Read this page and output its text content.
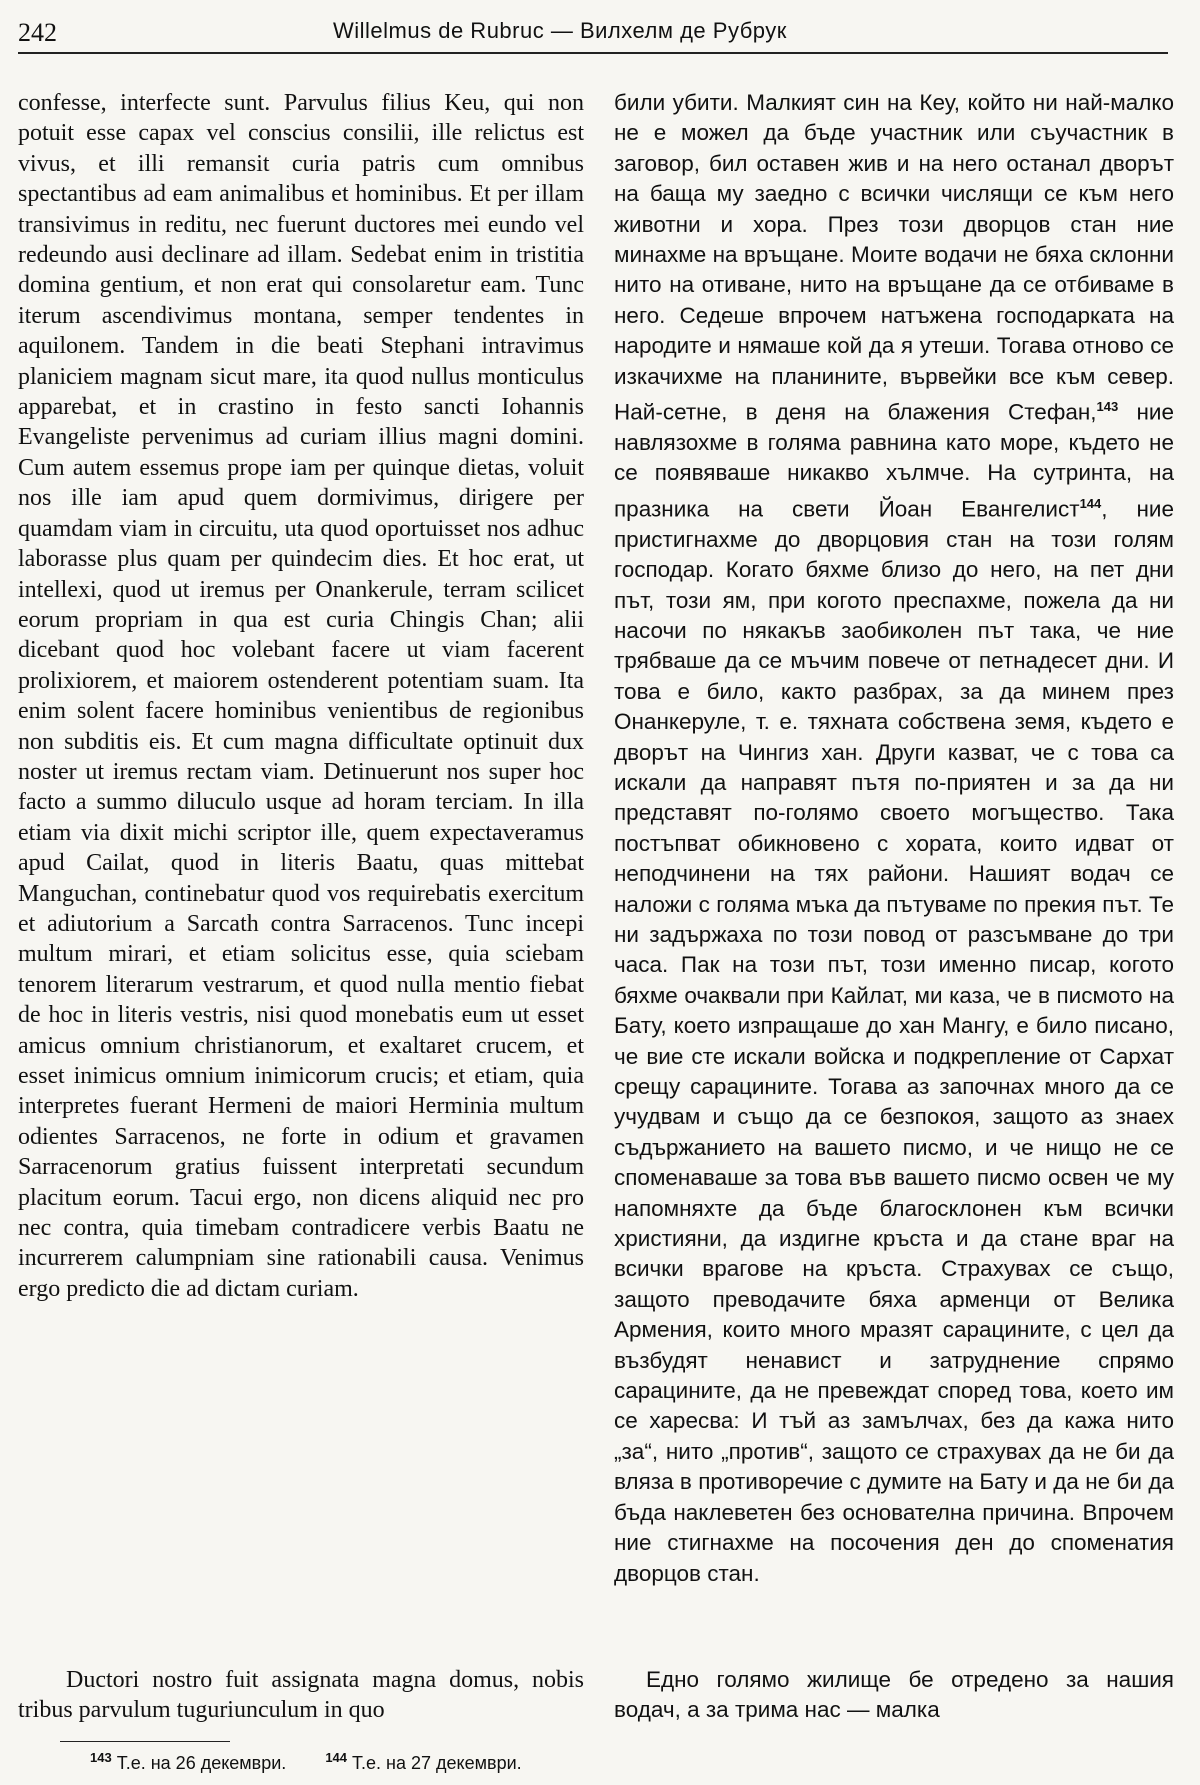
242	Willelmus de Rubruc — Вилхелм де Рубрук

confesse, interfecte sunt. Parvulus filius Keu, qui non potuit esse capax vel conscius consilii, ille relictus est vivus, et illi remansit curia patris cum omnibus spectantibus ad eam animalibus et hominibus. Et per illam transivimus in reditu, nec fuerunt ductores mei eundo vel redeundo ausi declinare ad illam. Sedebat enim in tristitia domina gentium, et non erat qui consolaretur eam. Tunc iterum ascendivimus montana, semper tendentes in aquilonem. Tandem in die beati Stephani intravimus planiciem magnam sicut mare, ita quod nullus monticulus apparebat, et in crastino in festo sancti Iohannis Evangeliste pervenimus ad curiam illius magni domini. Cum autem essemus prope iam per quinque dietas, voluit nos ille iam apud quem dormivimus, dirigere per quamdam viam in circuitu, uta quod oportuisset nos adhuc laborasse plus quam per quindecim dies. Et hoc erat, ut intellexi, quod ut iremus per Onankerule, terram scilicet eorum propriam in qua est curia Chingis Chan; alii dicebant quod hoc volebant facere ut viam facerent prolixiorem, et maiorem ostenderent potentiam suam. Ita enim solent facere hominibus venientibus de regionibus non subditis eis. Et cum magna difficultate optinuit dux noster ut iremus rectam viam. Detinuerunt nos super hoc facto a summo diluculo usque ad horam terciam. In illa etiam via dixit michi scriptor ille, quem expectaveramus apud Cailat, quod in literis Baatu, quas mittebat Manguchan, continebatur quod vos requirebatis exercitum et adiutorium a Sarcath contra Sarracenos. Tunc incepi multum mirari, et etiam solicitus esse, quia sciebam tenorem literarum vestrarum, et quod nulla mentio fiebat de hoc in literis vestris, nisi quod monebatis eum ut esset amicus omnium christianorum, et exaltaret crucem, et esset inimicus omnium inimicorum crucis; et etiam, quia interpretes fuerant Hermeni de maiori Herminia multum odientes Sarracenos, ne forte in odium et gravamen Sarracenorum gratius fuissent interpretati secundum placitum eorum. Tacui ergo, non dicens aliquid nec pro nec contra, quia timebam contradicere verbis Baatu ne incurrerem calumpniam sine rationabili causa. Venimus ergo predicto die ad dictam curiam.

били убити. Малкият син на Кеу, който ни най-малко не е можел да бъде участник или съучастник в заговор, бил оставен жив и на него останал дворът на баща му заедно с всички числящи се към него животни и хора. През този дворцов стан ние минахме на връщане. Моите водачи не бяха склонни нито на отиване, нито на връщане да се отбиваме в него. Седеше впрочем натъжена господарката на народите и нямаше кой да я утеши. Тогава отново се изкачихме на планините, вървейки все към север. Най-сетне, в деня на блажения Стефан,$^{143}$ ние навлязохме в голяма равнина като море, където не се появяваше никакво хълмче. На сутринта, на празника на свети Йоан Евангелист$^{144}$, ние пристигнахме до дворцовия стан на този голям господар. Когато бяхме близо до него, на пет дни път, този ям, при когото преспахме, пожела да ни насочи по някакъв заобиколен път така, че ние трябваше да се мъчим повече от петнадесет дни. И това е било, както разбрах, за да минем през Онанкеруле, т. е. тяхната собствена земя, където е дворът на Чингиз хан. Други казват, че с това са искали да направят пътя по-приятен и за да ни представят по-голямо своето могъщество. Така постъпват обикновено с хората, които идват от неподчинени на тях райони. Нашият водач се наложи с голяма мъка да пътуваме по прекия път. Те ни задържаха по този повод от разсъмване до три часа. Пак на този път, този именно писар, когото бяхме очаквали при Кайлат, ми каза, че в писмото на Бату, което изпращаше до хан Мангу, е било писано, че вие сте искали войска и подкрепление от Сархат срещу сарацините. Тогава аз започнах много да се учудвам и също да се безпокоя, защото аз знаех съдържанието на вашето писмо, и че нищо не се споменаваше за това във вашето писмо освен че му напомняхте да бъде благосклонен към всички християни, да издигне кръста и да стане враг на всички врагове на кръста. Страхувах се също, защото преводачите бяха арменци от Велика Армения, които много мразят сарацините, с цел да възбудят ненавист и затруднение спрямо сарацините, да не превеждат според това, което им се харесва: И тъй аз замълчах, без да кажа нито „за“, нито „против“, защото се страхувах да не би да вляза в противоречие с думите на Бату и да не би да бъда наклеветен без основателна причина. Впрочем ние стигнахме на посочения ден до споменатия дворцов стан.

Ductori nostro fuit assignata magna domus, nobis tribus parvulum tuguriunculum in quo

Едно голямо жилище бе отредено за нашия водач, а за трима нас — малка

$^{143}$ Т.е. на 26 декември.	$^{144}$ Т.е. на 27 декември.
